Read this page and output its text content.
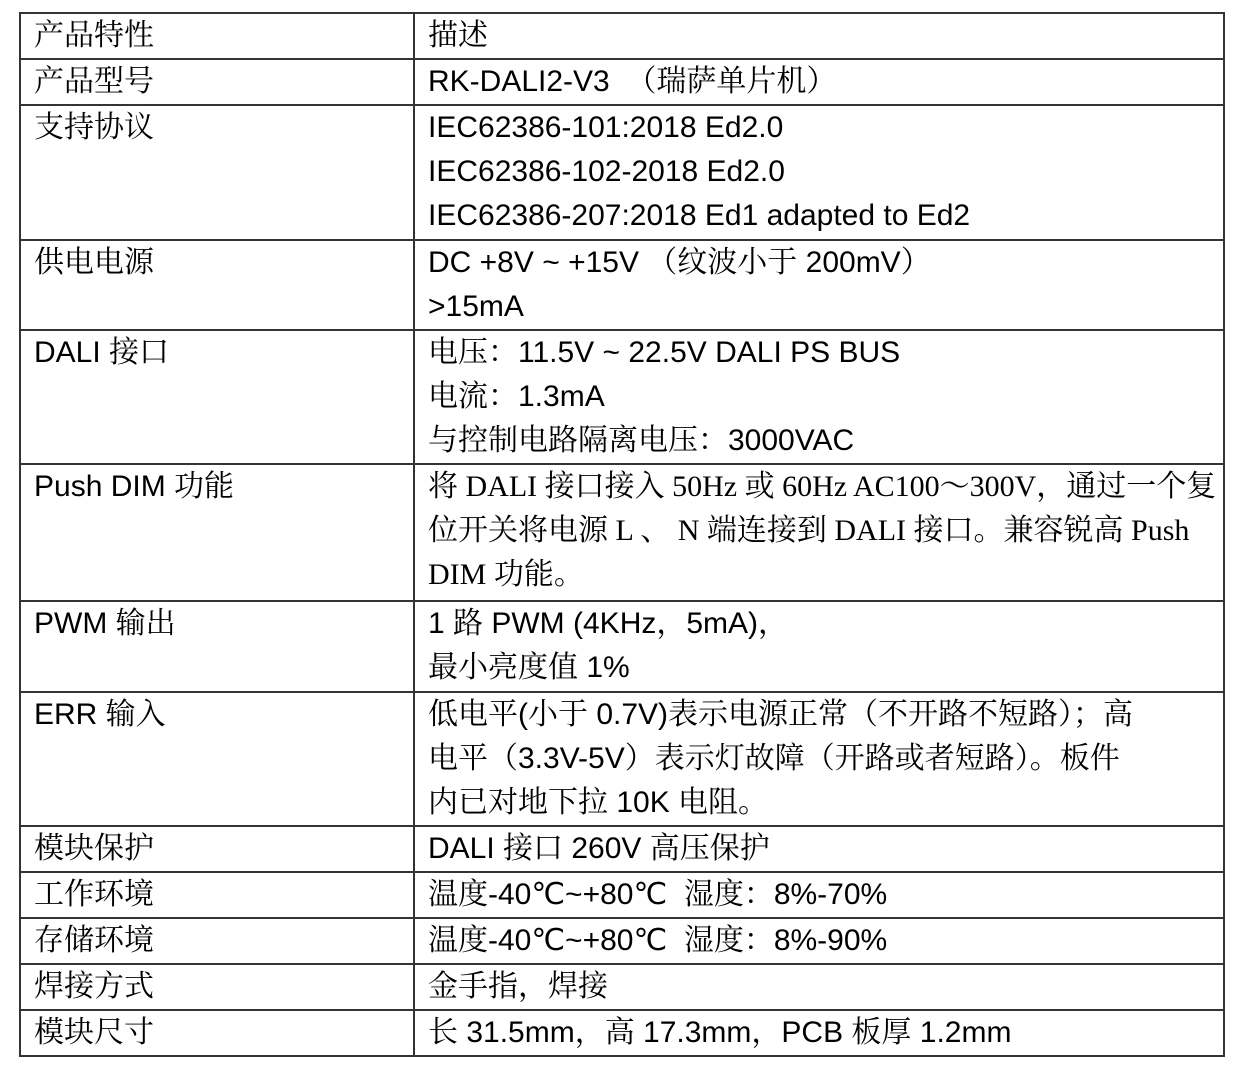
产品特性	描述

产品型号	RK-DALI2-V3  （瑞萨单片机）

支持协议	IEC62386-101:2018 Ed2.0
IEC62386-102-2018 Ed2.0
IEC62386-207:2018 Ed1 adapted to Ed2

供电电源	DC +8V ~ +15V （纹波小于 200mV）
>15mA

DALI 接口	电压：11.5V ~ 22.5V DALI PS BUS
电流：1.3mA
与控制电路隔离电压：3000VAC

Push DIM 功能	将 DALI 接口接入 50Hz 或 60Hz AC100～300V，通过一个复
位开关将电源 L 、 N 端连接到 DALI 接口。兼容锐高 Push
DIM 功能。

PWM 输出	1 路 PWM (4KHz，5mA)，
最小亮度值 1%

ERR 输入	低电平(小于 0.7V)表示电源正常（不开路不短路）；高
电平（3.3V-5V）表示灯故障（开路或者短路）。板件
内已对地下拉 10K 电阻。

模块保护	DALI 接口 260V 高压保护

工作环境	温度-40℃~+80℃  湿度：8%-70%

存储环境	温度-40℃~+80℃  湿度：8%-90%

焊接方式	金手指，焊接

模块尺寸	长 31.5mm，高 17.3mm，PCB 板厚 1.2mm
